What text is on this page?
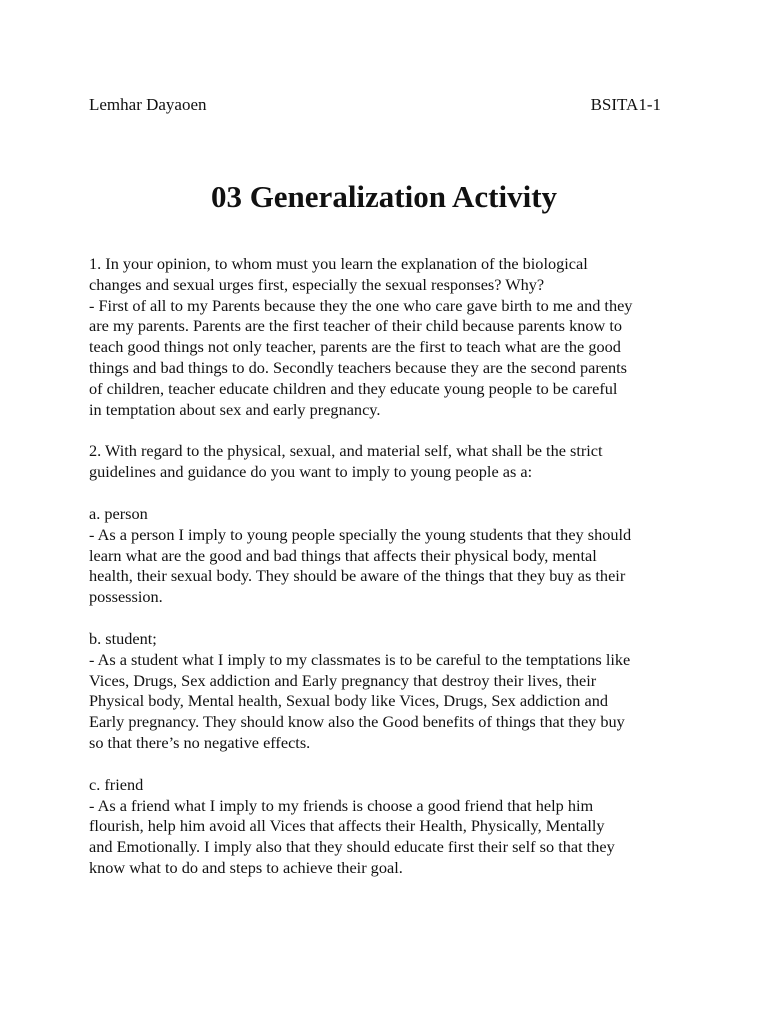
Lemhar Dayaoen	BSITA1-1
03 Generalization Activity
1. In your opinion, to whom must you learn the explanation of the biological
changes and sexual urges first, especially the sexual responses? Why?
- First of all to my Parents because they the one who care gave birth to me and they
are my parents. Parents are the first teacher of their child because parents know to
teach good things not only teacher, parents are the first to teach what are the good
things and bad things to do. Secondly teachers because they are the second parents
of children, teacher educate children and they educate young people to be careful
in temptation about sex and early pregnancy.
2. With regard to the physical, sexual, and material self, what shall be the strict
guidelines and guidance do you want to imply to young people as a:
a. person
- As a person I imply to young people specially the young students that they should
learn what are the good and bad things that affects their physical body, mental
health, their sexual body. They should be aware of the things that they buy as their
possession.
b. student;
- As a student what I imply to my classmates is to be careful to the temptations like
Vices, Drugs, Sex addiction and Early pregnancy that destroy their lives, their
Physical body, Mental health, Sexual body like Vices, Drugs, Sex addiction and
Early pregnancy. They should know also the Good benefits of things that they buy
so that there’s no negative effects.
c. friend
- As a friend what I imply to my friends is choose a good friend that help him
flourish, help him avoid all Vices that affects their Health, Physically, Mentally
and Emotionally. I imply also that they should educate first their self so that they
know what to do and steps to achieve their goal.
